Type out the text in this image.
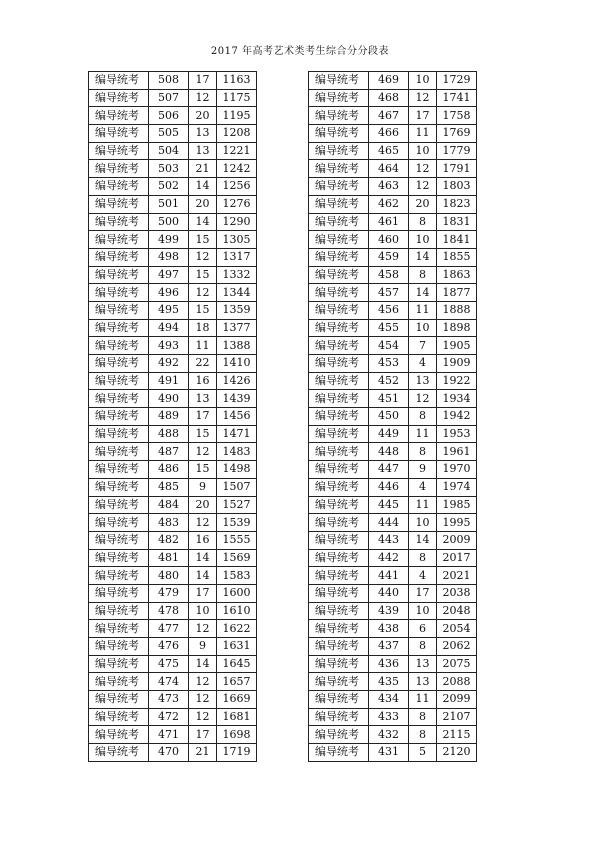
2017 年高考艺术类考生综合分分段表
编导统考	508	17	1163
编导统考	507	12	1175
编导统考	506	20	1195
编导统考	505	13	1208
编导统考	504	13	1221
编导统考	503	21	1242
编导统考	502	14	1256
编导统考	501	20	1276
编导统考	500	14	1290
编导统考	499	15	1305
编导统考	498	12	1317
编导统考	497	15	1332
编导统考	496	12	1344
编导统考	495	15	1359
编导统考	494	18	1377
编导统考	493	11	1388
编导统考	492	22	1410
编导统考	491	16	1426
编导统考	490	13	1439
编导统考	489	17	1456
编导统考	488	15	1471
编导统考	487	12	1483
编导统考	486	15	1498
编导统考	485	9	1507
编导统考	484	20	1527
编导统考	483	12	1539
编导统考	482	16	1555
编导统考	481	14	1569
编导统考	480	14	1583
编导统考	479	17	1600
编导统考	478	10	1610
编导统考	477	12	1622
编导统考	476	9	1631
编导统考	475	14	1645
编导统考	474	12	1657
编导统考	473	12	1669
编导统考	472	12	1681
编导统考	471	17	1698
编导统考	470	21	1719
编导统考	469	10	1729
编导统考	468	12	1741
编导统考	467	17	1758
编导统考	466	11	1769
编导统考	465	10	1779
编导统考	464	12	1791
编导统考	463	12	1803
编导统考	462	20	1823
编导统考	461	8	1831
编导统考	460	10	1841
编导统考	459	14	1855
编导统考	458	8	1863
编导统考	457	14	1877
编导统考	456	11	1888
编导统考	455	10	1898
编导统考	454	7	1905
编导统考	453	4	1909
编导统考	452	13	1922
编导统考	451	12	1934
编导统考	450	8	1942
编导统考	449	11	1953
编导统考	448	8	1961
编导统考	447	9	1970
编导统考	446	4	1974
编导统考	445	11	1985
编导统考	444	10	1995
编导统考	443	14	2009
编导统考	442	8	2017
编导统考	441	4	2021
编导统考	440	17	2038
编导统考	439	10	2048
编导统考	438	6	2054
编导统考	437	8	2062
编导统考	436	13	2075
编导统考	435	13	2088
编导统考	434	11	2099
编导统考	433	8	2107
编导统考	432	8	2115
编导统考	431	5	2120
